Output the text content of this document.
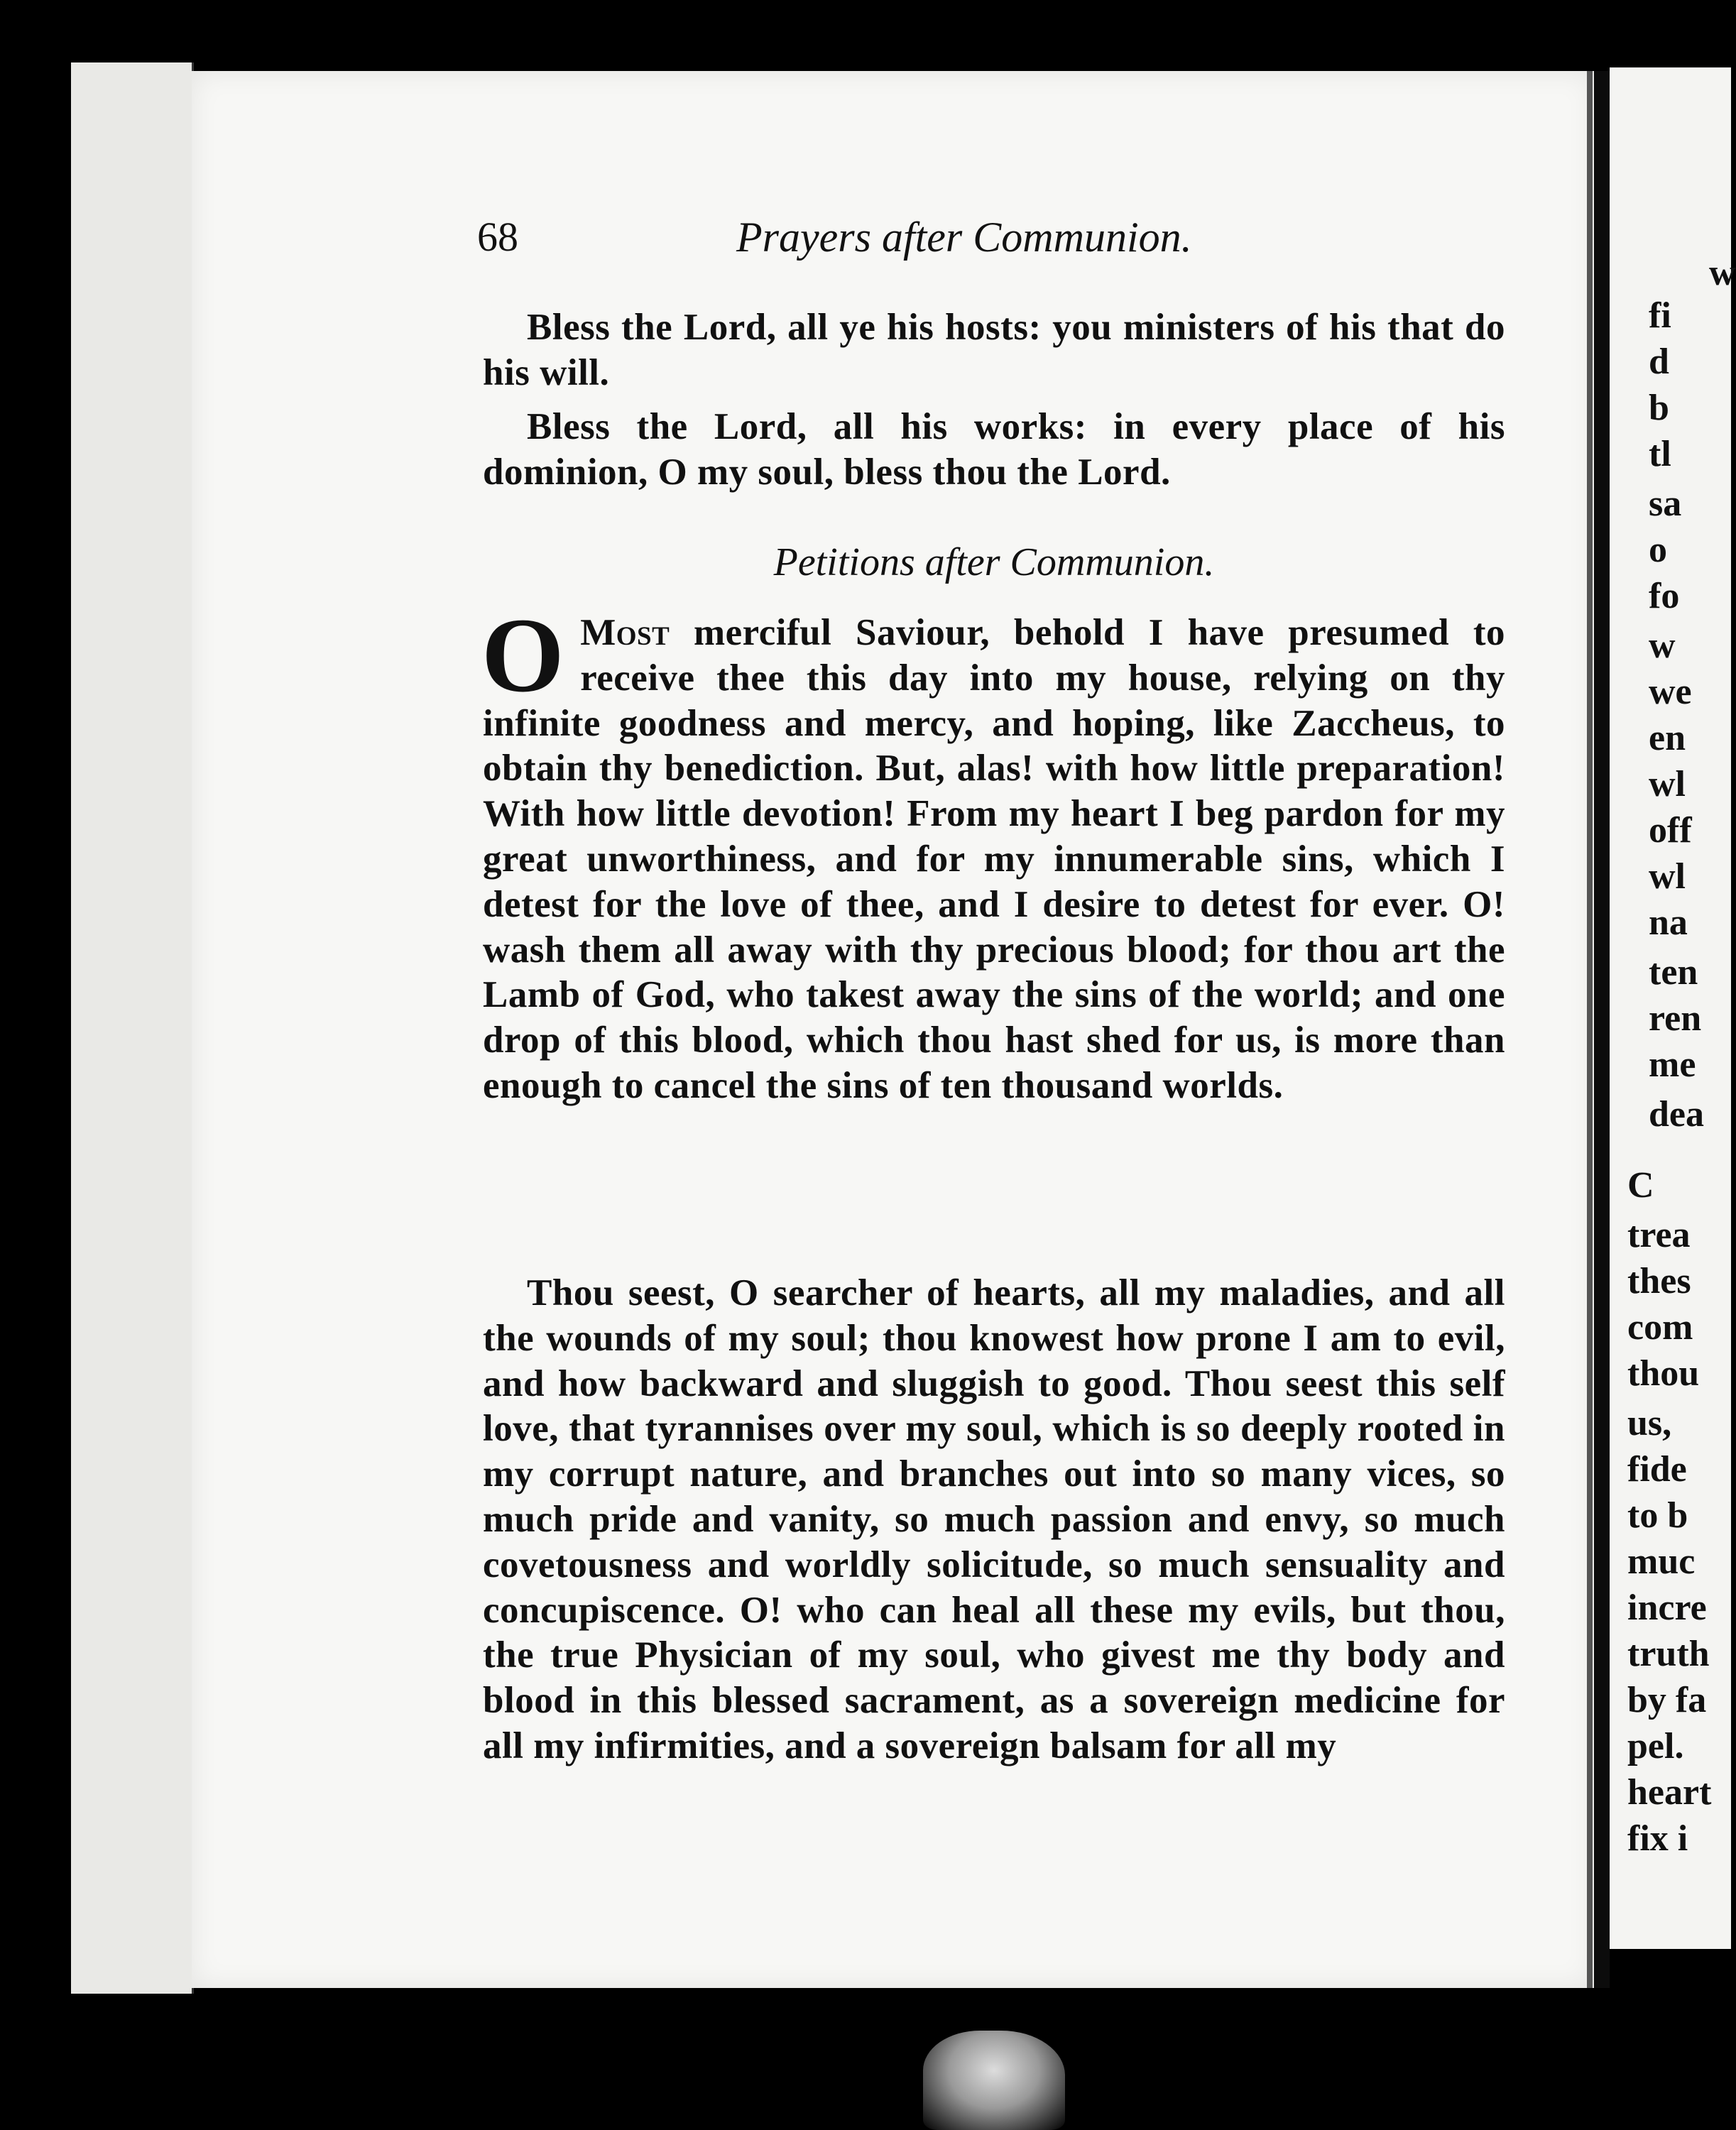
w
fi
d
b
tl
sa
o
fo
w
we
en
wl
off
wl
na
ten
ren
me
dea
C
trea
thes
com
thou
us,
fide
to b
muc
incre
truth
by fa
pel.
heart
fix i
68	Prayers after Communion.
Bless the Lord, all ye his hosts: you ministers of his that do his will.
Bless the Lord, all his works: in every place of his dominion, O my soul, bless thou the Lord.
Petitions after Communion.
O Most merciful Saviour, behold I have presumed to receive thee this day into my house, relying on thy infinite goodness and mercy, and hoping, like Zaccheus, to obtain thy benediction. But, alas! with how little preparation! With how little devotion! From my heart I beg pardon for my great unworthiness, and for my innumerable sins, which I detest for the love of thee, and I desire to detest for ever. O! wash them all away with thy precious blood; for thou art the Lamb of God, who takest away the sins of the world; and one drop of this blood, which thou hast shed for us, is more than enough to cancel the sins of ten thousand worlds.
Thou seest, O searcher of hearts, all my maladies, and all the wounds of my soul; thou knowest how prone I am to evil, and how backward and sluggish to good. Thou seest this self love, that tyrannises over my soul, which is so deeply rooted in my corrupt nature, and branches out into so many vices, so much pride and vanity, so much passion and envy, so much covetousness and worldly solicitude, so much sensuality and concupiscence. O! who can heal all these my evils, but thou, the true Physician of my soul, who givest me thy body and blood in this blessed sacrament, as a sovereign medicine for all my infirmities, and a sovereign balsam for all my
